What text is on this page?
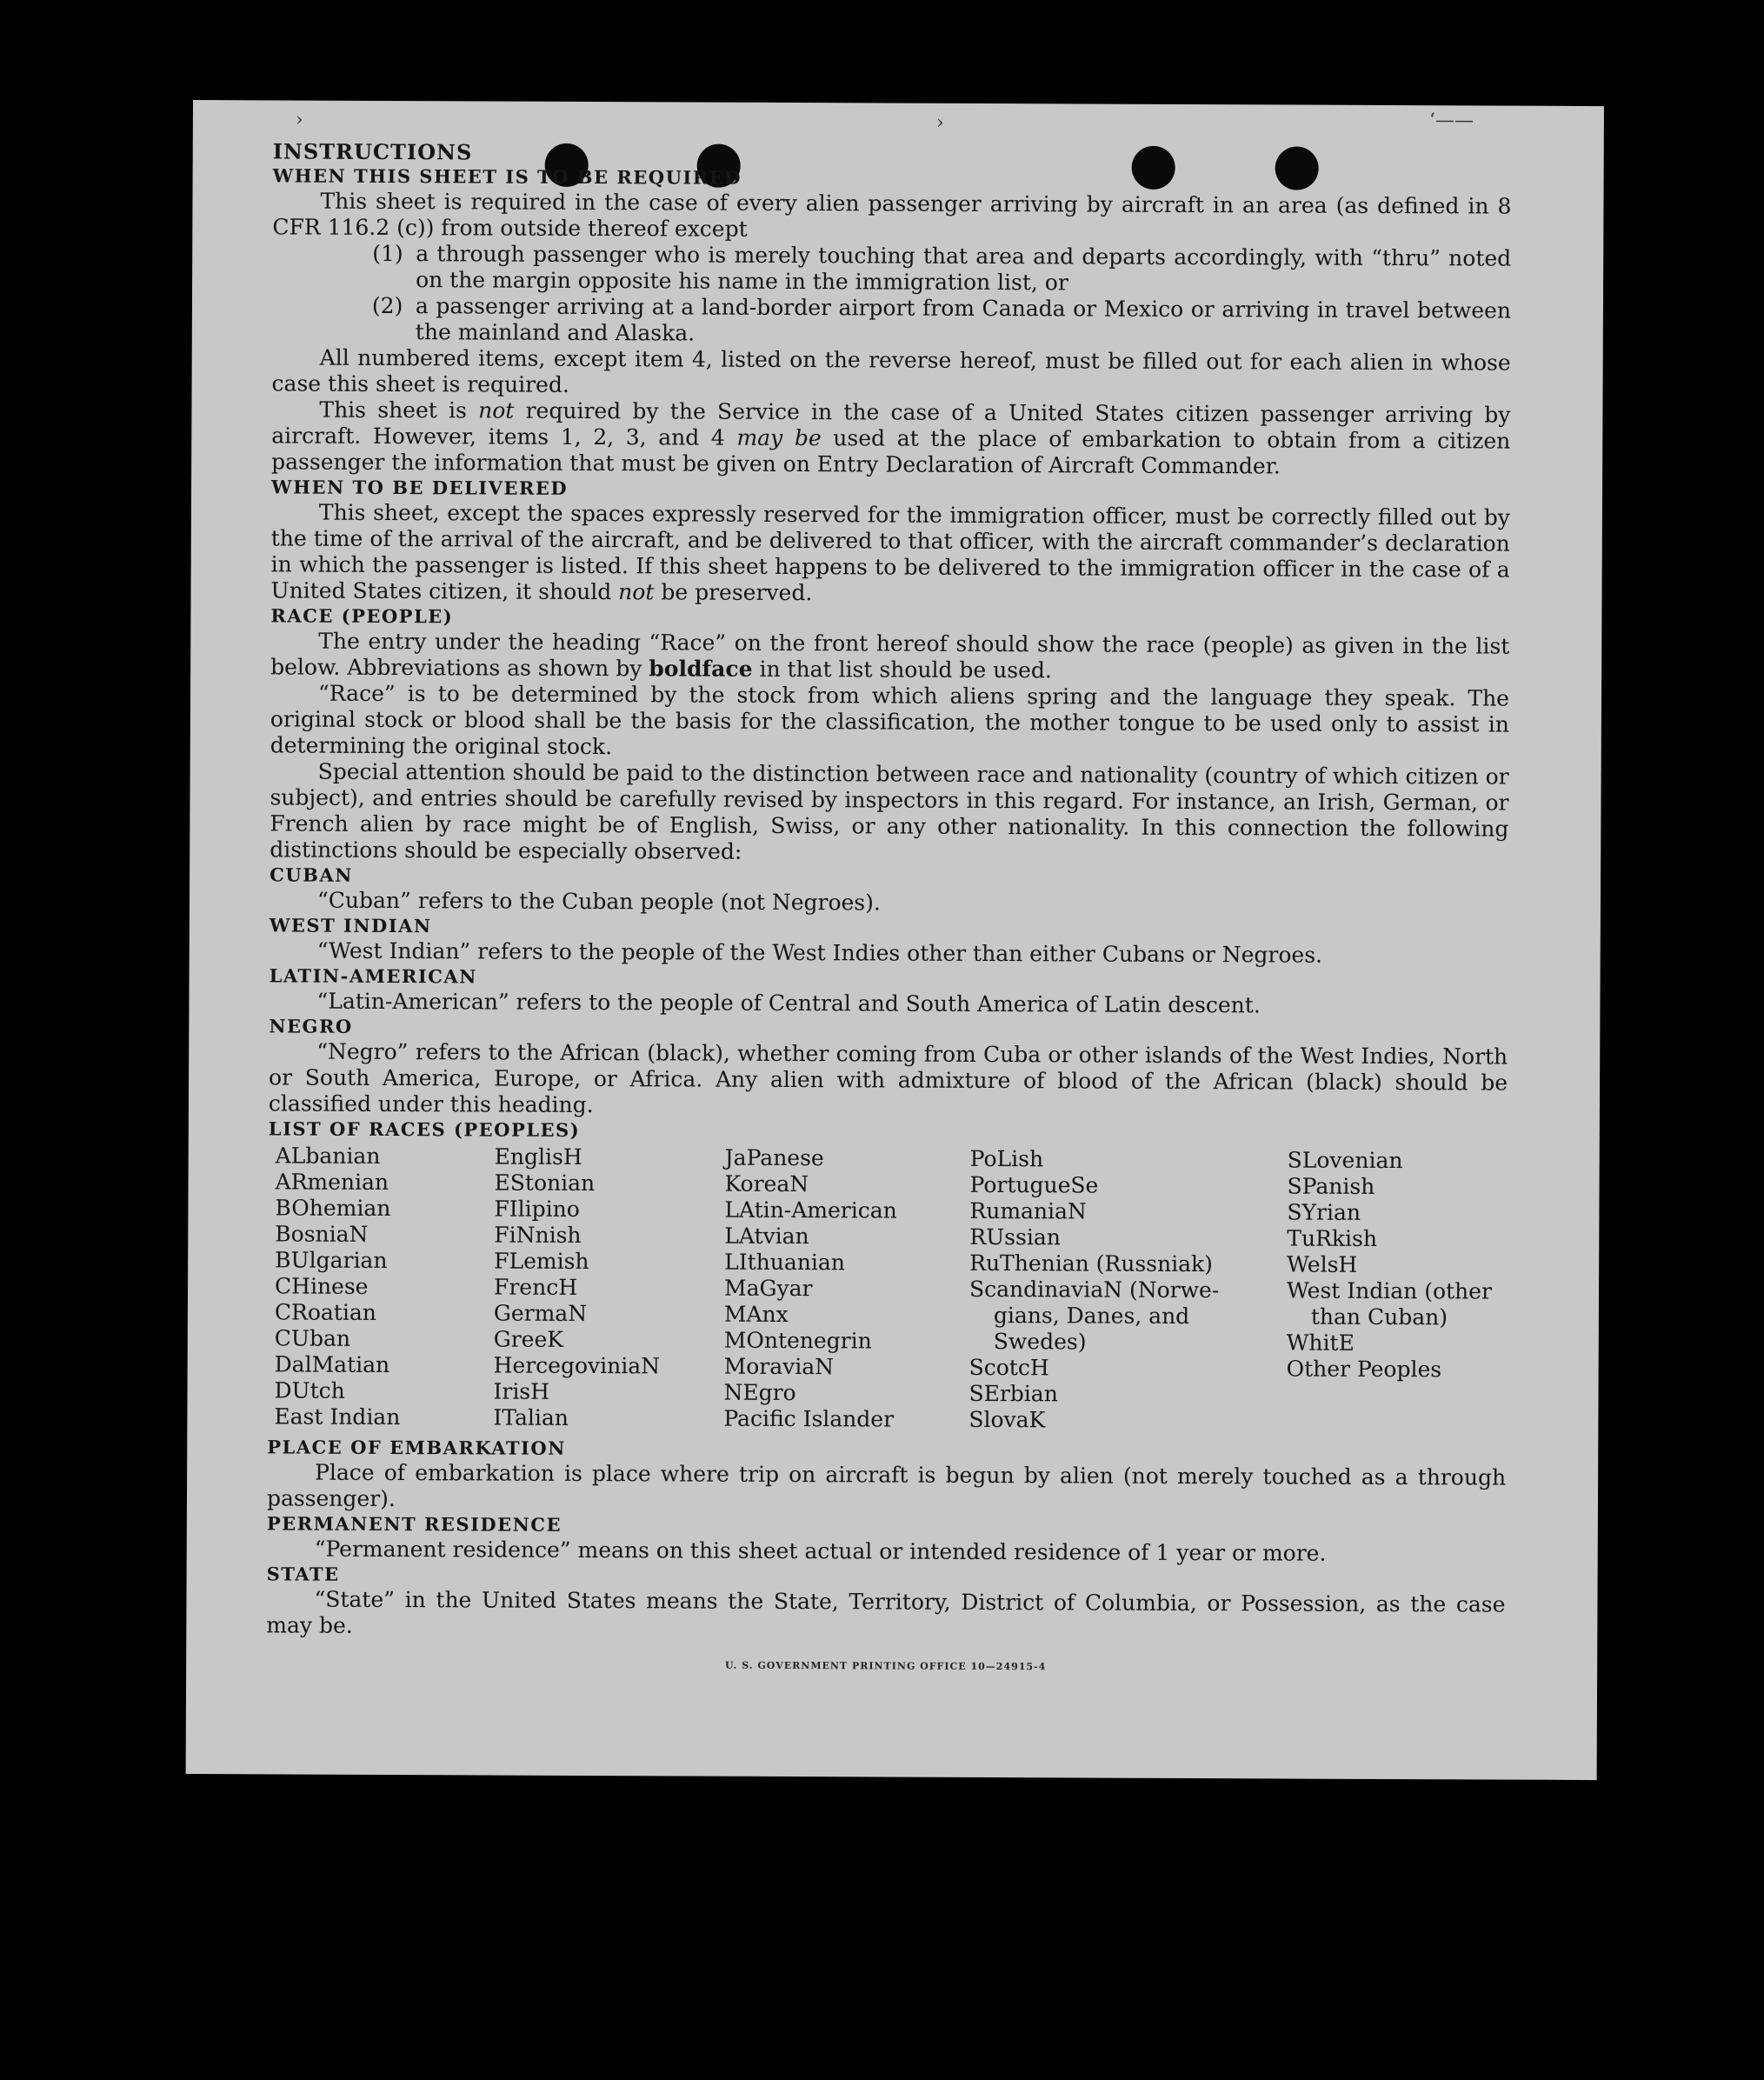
›	›	‘——

INSTRUCTIONS

WHEN THIS SHEET IS TO BE REQUIRED

This sheet is required in the case of every alien passenger arriving by aircraft in an area (as defined in 8 CFR 116.2 (c)) from outside thereof except

(1) a through passenger who is merely touching that area and departs accordingly, with “thru” noted on the margin opposite his name in the immigration list, or
(2) a passenger arriving at a land-border airport from Canada or Mexico or arriving in travel between the mainland and Alaska.

All numbered items, except item 4, listed on the reverse hereof, must be filled out for each alien in whose case this sheet is required.

This sheet is not required by the Service in the case of a United States citizen passenger arriving by aircraft. However, items 1, 2, 3, and 4 may be used at the place of embarkation to obtain from a citizen passenger the information that must be given on Entry Declaration of Aircraft Commander.

WHEN TO BE DELIVERED

This sheet, except the spaces expressly reserved for the immigration officer, must be correctly filled out by the time of the arrival of the aircraft, and be delivered to that officer, with the aircraft commander’s declaration in which the passenger is listed. If this sheet happens to be delivered to the immigration officer in the case of a United States citizen, it should not be preserved.

RACE (PEOPLE)

The entry under the heading “Race” on the front hereof should show the race (people) as given in the list below. Abbreviations as shown by boldface in that list should be used.

“Race” is to be determined by the stock from which aliens spring and the language they speak. The original stock or blood shall be the basis for the classification, the mother tongue to be used only to assist in determining the original stock.

Special attention should be paid to the distinction between race and nationality (country of which citizen or subject), and entries should be carefully revised by inspectors in this regard. For instance, an Irish, German, or French alien by race might be of English, Swiss, or any other nationality. In this connection the following distinctions should be especially observed:

CUBAN

“Cuban” refers to the Cuban people (not Negroes).

WEST INDIAN

“West Indian” refers to the people of the West Indies other than either Cubans or Negroes.

LATIN-AMERICAN

“Latin-American” refers to the people of Central and South America of Latin descent.

NEGRO

“Negro” refers to the African (black), whether coming from Cuba or other islands of the West Indies, North or South America, Europe, or Africa. Any alien with admixture of blood of the African (black) should be classified under this heading.

LIST OF RACES (PEOPLES)

ALbanian
ARmenian
BOhemian
BosniaN
BUlgarian
CHinese
CRoatian
CUban
DalMatian
DUtch
East Indian
EnglisH
EStonian
FIlipino
FiNnish
FLemish
FrencH
GermaN
GreeK
HercegoviniaN
IrisH
ITalian
JaPanese
KoreaN
LAtin-American
LAtvian
LIthuanian
MaGyar
MAnx
MOntenegrin
MoraviaN
NEgro
Pacific Islander
PoLish
PortugueSe
RumaniaN
RUssian
RuThenian (Russniak)
ScandinaviaN (Norwe-
gians, Danes, and
Swedes)
ScotcH
SErbian
SlovaK
SLovenian
SPanish
SYrian
TuRkish
WelsH
West Indian (other
than Cuban)
WhitE
Other Peoples

PLACE OF EMBARKATION

Place of embarkation is place where trip on aircraft is begun by alien (not merely touched as a through passenger).

PERMANENT RESIDENCE

“Permanent residence” means on this sheet actual or intended residence of 1 year or more.

STATE

“State” in the United States means the State, Territory, District of Columbia, or Possession, as the case may be.

U. S. GOVERNMENT PRINTING OFFICE 10—24915-4
